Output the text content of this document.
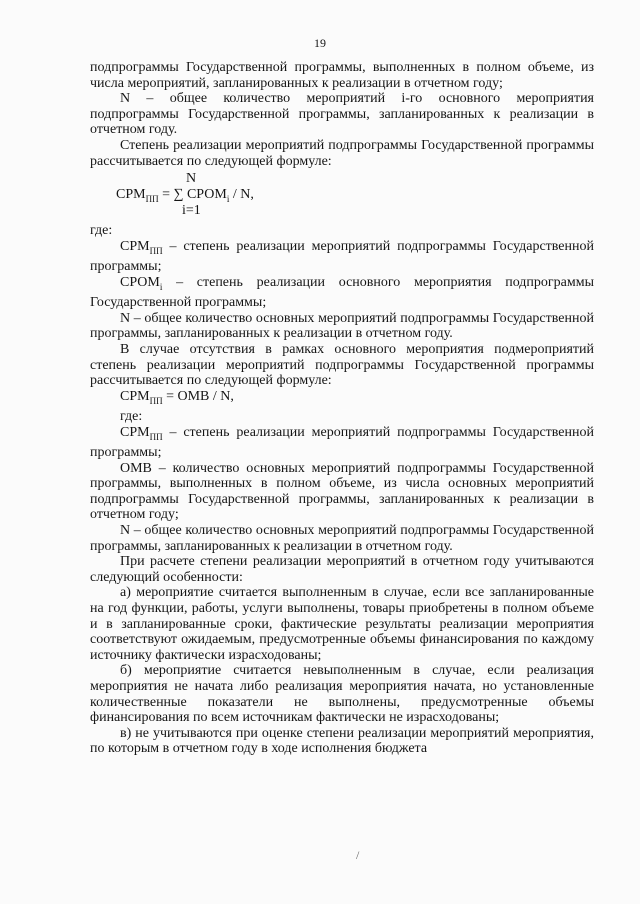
19

подпрограммы Государственной программы, выполненных в полном объеме, из числа мероприятий, запланированных к реализации в отчетном году;

N – общее количество мероприятий i-го основного мероприятия подпрограммы Государственной программы, запланированных к реализации в отчетном году.

Степень реализации мероприятий подпрограммы Государственной программы рассчитывается по следующей формуле:

N
$СРМ_{ПП}$ = ∑ $СРОМ_i$ / N,
i=1

где:

$СРМ_{ПП}$ – степень реализации мероприятий подпрограммы Государственной программы;

$СРОМ_i$ – степень реализации основного мероприятия подпрограммы Государственной программы;

N – общее количество основных мероприятий подпрограммы Государственной программы, запланированных к реализации в отчетном году.

В случае отсутствия в рамках основного мероприятия подмероприятий степень реализации мероприятий подпрограммы Государственной программы рассчитывается по следующей формуле:

$СРМ_{ПП}$ = ОМВ / N,

где:

$СРМ_{ПП}$ – степень реализации мероприятий подпрограммы Государственной программы;

ОМВ – количество основных мероприятий подпрограммы Государственной программы, выполненных в полном объеме, из числа основных мероприятий подпрограммы Государственной программы, запланированных к реализации в отчетном году;

N – общее количество основных мероприятий подпрограммы Государственной программы, запланированных к реализации в отчетном году.

При расчете степени реализации мероприятий в отчетном году учитываются следующий особенности:

а) мероприятие считается выполненным в случае, если все запланированные на год функции, работы, услуги выполнены, товары приобретены в полном объеме и в запланированные сроки, фактические результаты реализации мероприятия соответствуют ожидаемым, предусмотренные объемы финансирования по каждому источнику фактически израсходованы;

б) мероприятие считается невыполненным в случае, если реализация мероприятия не начата либо реализация мероприятия начата, но установленные количественные показатели не выполнены, предусмотренные объемы финансирования по всем источникам фактически не израсходованы;

в) не учитываются при оценке степени реализации мероприятий мероприятия, по которым в отчетном году в ходе исполнения бюджета

/
